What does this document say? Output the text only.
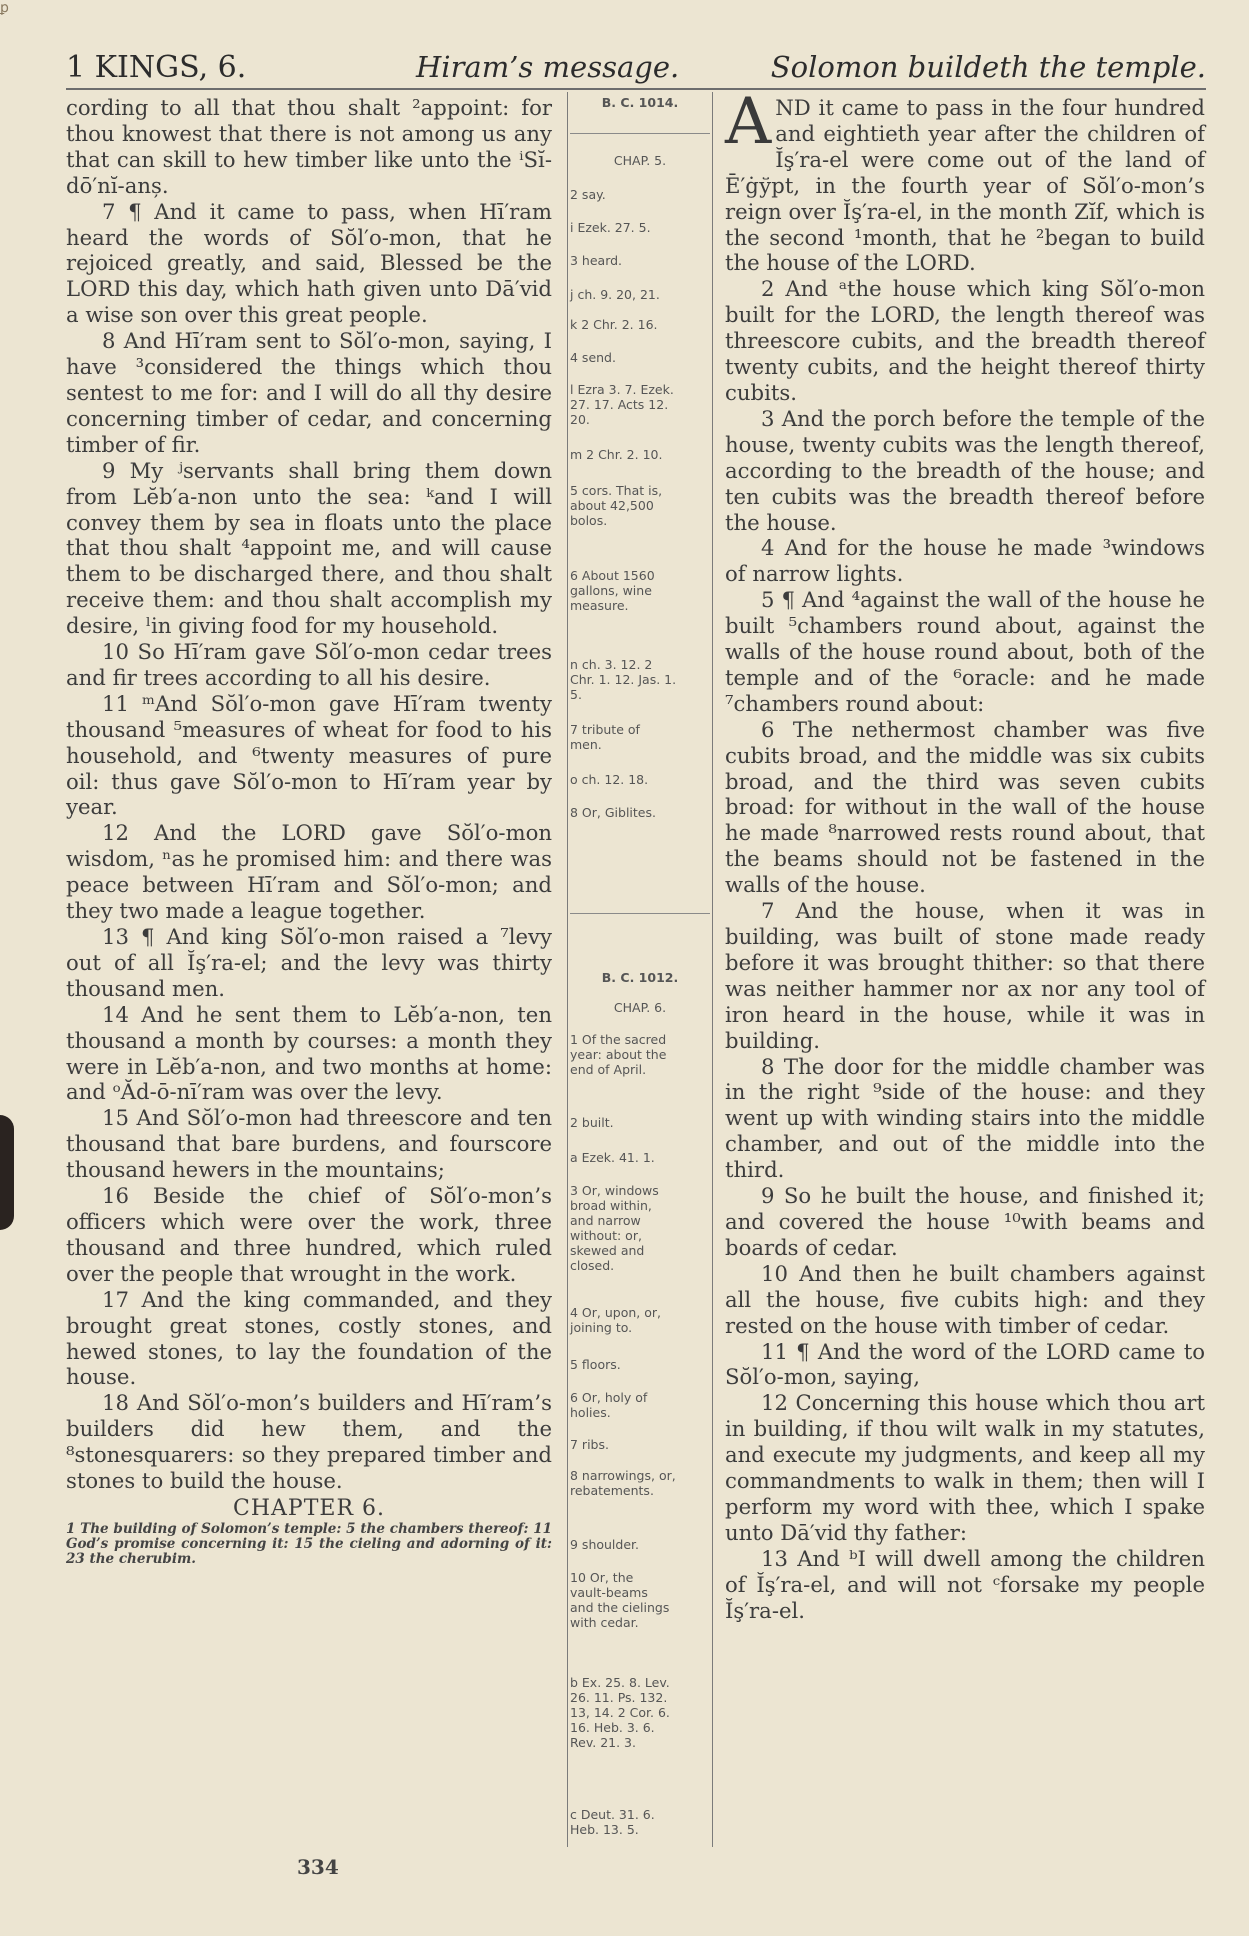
ꝑ
1 KINGS, 6.	Hiram’s message.	Solomon buildeth the temple.

cording to all that thou shalt ²appoint: for thou knowest that there is not among us any that can skill to hew timber like unto the ⁱSĭ-dō′nĭ-anș.

7 ¶ And it came to pass, when Hī′ram heard the words of Sŏl′o-mon, that he rejoiced greatly, and said, Blessed be the LORD this day, which hath given unto Dā′vid a wise son over this great people.

8 And Hī′ram sent to Sŏl′o-mon, saying, I have ³considered the things which thou sentest to me for: and I will do all thy desire concerning timber of cedar, and concerning timber of fir.

9 My ʲservants shall bring them down from Lĕb′a-non unto the sea: ᵏand I will convey them by sea in floats unto the place that thou shalt ⁴appoint me, and will cause them to be discharged there, and thou shalt receive them: and thou shalt accomplish my desire, ˡin giving food for my household.

10 So Hī′ram gave Sŏl′o-mon cedar trees and fir trees according to all his desire.

11 ᵐAnd Sŏl′o-mon gave Hī′ram twenty thousand ⁵measures of wheat for food to his household, and ⁶twenty measures of pure oil: thus gave Sŏl′o-mon to Hī′ram year by year.

12 And the LORD gave Sŏl′o-mon wisdom, ⁿas he promised him: and there was peace between Hī′ram and Sŏl′o-mon; and they two made a league together.

13 ¶ And king Sŏl′o-mon raised a ⁷levy out of all Ĭş′ra-el; and the levy was thirty thousand men.

14 And he sent them to Lĕb′a-non, ten thousand a month by courses: a month they were in Lĕb′a-non, and two months at home: and ᵒĂd-ō-nī′ram was over the levy.

15 And Sŏl′o-mon had threescore and ten thousand that bare burdens, and fourscore thousand hewers in the mountains;

16 Beside the chief of Sŏl′o-mon’s officers which were over the work, three thousand and three hundred, which ruled over the people that wrought in the work.

17 And the king commanded, and they brought great stones, costly stones, and hewed stones, to lay the foundation of the house.

18 And Sŏl′o-mon’s builders and Hī′ram’s builders did hew them, and the ⁸stonesquarers: so they prepared timber and stones to build the house.

CHAPTER 6.

1 The building of Solomon’s temple: 5 the chambers thereof: 11 God’s promise concerning it: 15 the cieling and adorning of it: 23 the cherubim.

B. C. 1014.
CHAP. 5.
2 say.
i Ezek. 27. 5.
3 heard.
j ch. 9. 20, 21.
k 2 Chr. 2. 16.
4 send.
l Ezra 3. 7. Ezek. 27. 17. Acts 12. 20.
m 2 Chr. 2. 10.
5 cors. That is, about 42,500 bolos.
6 About 1560 gallons, wine measure.
n ch. 3. 12. 2 Chr. 1. 12. Jas. 1. 5.
7 tribute of men.
o ch. 12. 18.
8 Or, Giblites.
B. C. 1012.
CHAP. 6.
1 Of the sacred year: about the end of April.
2 built.
a Ezek. 41. 1.
3 Or, windows broad within, and narrow without: or, skewed and closed.
4 Or, upon, or, joining to.
5 floors.
6 Or, holy of holies.
7 ribs.
8 narrowings, or, rebatements.
9 shoulder.
10 Or, the vault-beams and the cielings with cedar.
b Ex. 25. 8. Lev. 26. 11. Ps. 132. 13, 14. 2 Cor. 6. 16. Heb. 3. 6. Rev. 21. 3.
c Deut. 31. 6. Heb. 13. 5.

AND it came to pass in the four hundred and eightieth year after the children of Ĭş′ra-el were come out of the land of Ē′ġўpt, in the fourth year of Sŏl′o-mon’s reign over Ĭş′ra-el, in the month Zĭf, which is the second ¹month, that he ²began to build the house of the LORD.

2 And ᵃthe house which king Sŏl′o-mon built for the LORD, the length thereof was threescore cubits, and the breadth thereof twenty cubits, and the height thereof thirty cubits.

3 And the porch before the temple of the house, twenty cubits was the length thereof, according to the breadth of the house; and ten cubits was the breadth thereof before the house.

4 And for the house he made ³windows of narrow lights.

5 ¶ And ⁴against the wall of the house he built ⁵chambers round about, against the walls of the house round about, both of the temple and of the ⁶oracle: and he made ⁷chambers round about:

6 The nethermost chamber was five cubits broad, and the middle was six cubits broad, and the third was seven cubits broad: for without in the wall of the house he made ⁸narrowed rests round about, that the beams should not be fastened in the walls of the house.

7 And the house, when it was in building, was built of stone made ready before it was brought thither: so that there was neither hammer nor ax nor any tool of iron heard in the house, while it was in building.

8 The door for the middle chamber was in the right ⁹side of the house: and they went up with winding stairs into the middle chamber, and out of the middle into the third.

9 So he built the house, and finished it; and covered the house ¹⁰with beams and boards of cedar.

10 And then he built chambers against all the house, five cubits high: and they rested on the house with timber of cedar.

11 ¶ And the word of the LORD came to Sŏl′o-mon, saying,

12 Concerning this house which thou art in building, if thou wilt walk in my statutes, and execute my judgments, and keep all my commandments to walk in them; then will I perform my word with thee, which I spake unto Dā′vid thy father:

13 And ᵇI will dwell among the children of Ĭş′ra-el, and will not ᶜforsake my people Ĭş′ra-el.

334
